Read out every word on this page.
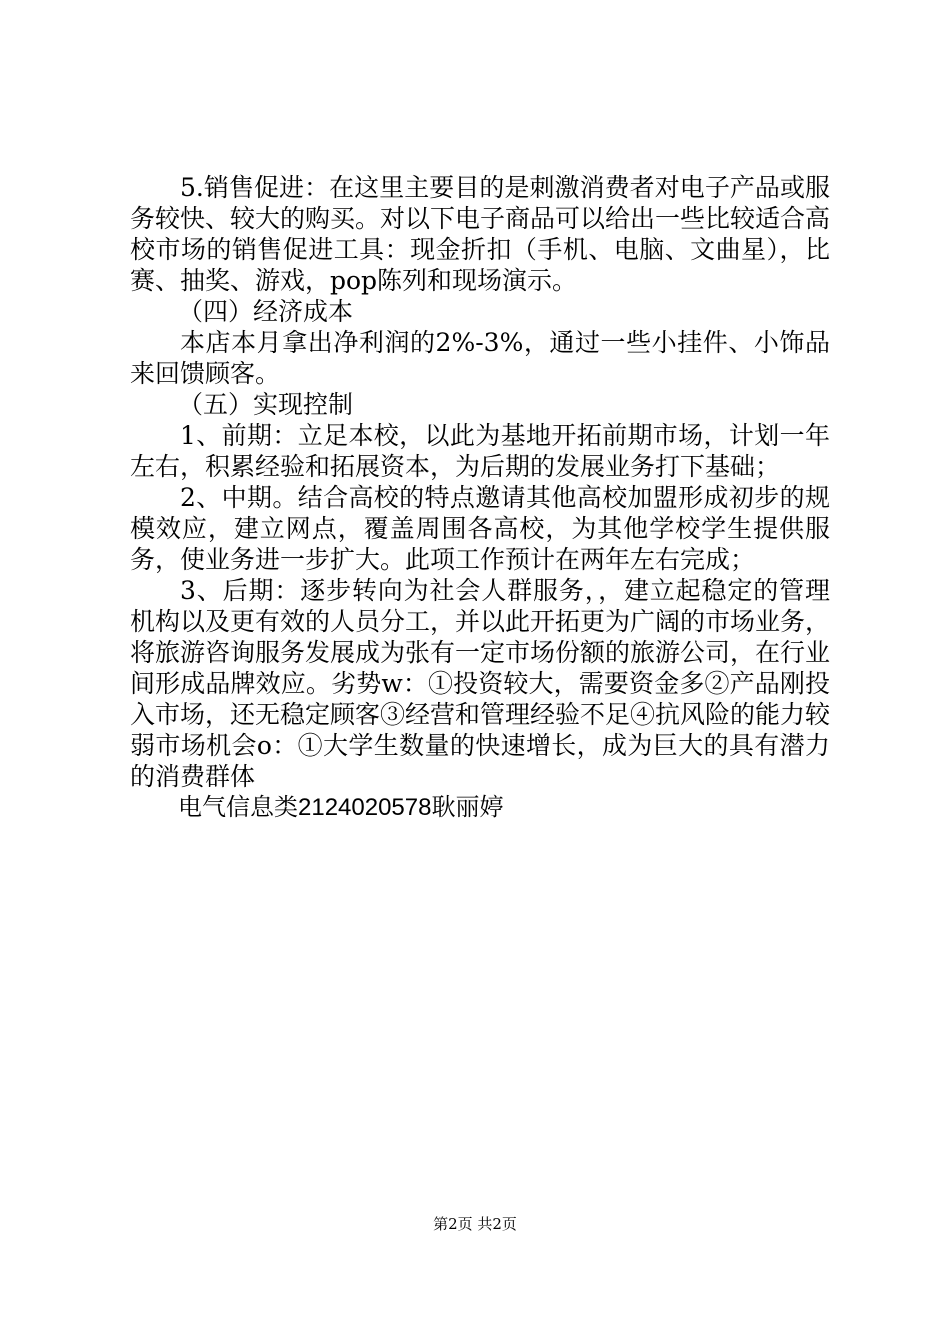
5.销售促进：在这里主要目的是刺激消费者对电子产品或服务较快、较大的购买。对以下电子商品可以给出一些比较适合高校市场的销售促进工具：现金折扣（手机、电脑、文曲星），比赛、抽奖、游戏，pop陈列和现场演示。

（四）经济成本

本店本月拿出净利润的2%-3%，通过一些小挂件、小饰品来回馈顾客。

（五）实现控制

1、前期：立足本校，以此为基地开拓前期市场，计划一年左右，积累经验和拓展资本，为后期的发展业务打下基础；

2、中期。结合高校的特点邀请其他高校加盟形成初步的规模效应，建立网点，覆盖周围各高校，为其他学校学生提供服务，使业务进一步扩大。此项工作预计在两年左右完成；

3、后期：逐步转向为社会人群服务，，建立起稳定的管理机构以及更有效的人员分工，并以此开拓更为广阔的市场业务，将旅游咨询服务发展成为张有一定市场份额的旅游公司，在行业间形成品牌效应。劣势w：①投资较大，需要资金多②产品刚投入市场，还无稳定顾客③经营和管理经验不足④抗风险的能力较弱市场机会o：①大学生数量的快速增长，成为巨大的具有潜力的消费群体

电气信息类2124020578耿丽婷

第2页 共2页
